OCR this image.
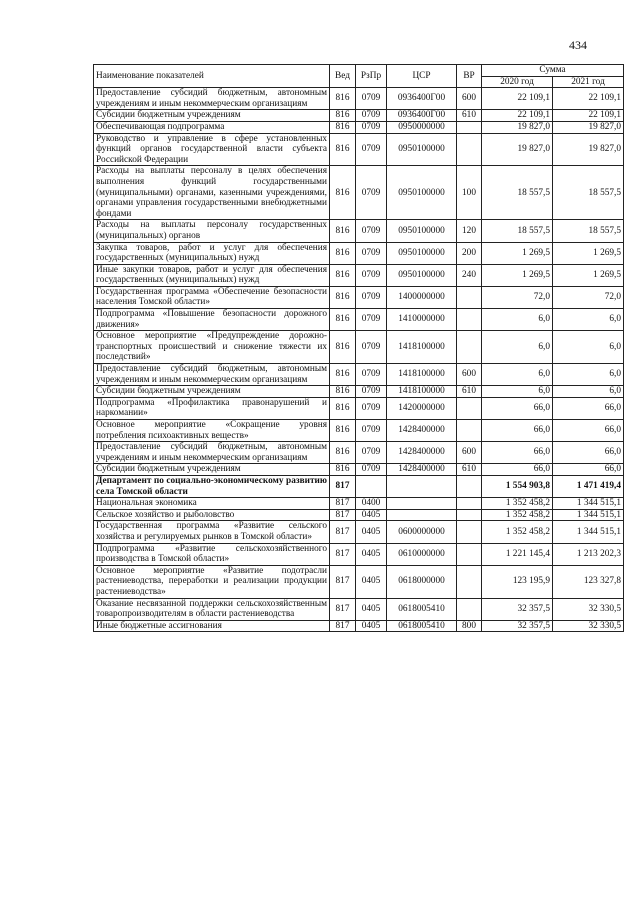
434
Наименование показателей	Вед	РзПр	ЦСР	ВР	Сумма	
					2020 год	2021 год
Предоставление субсидий бюджетным, автономным учреждениям и иным некоммерческим организациям	816	0709	0936400Г00	600	22 109,1	22 109,1
Субсидии бюджетным учреждениям	816	0709	0936400Г00	610	22 109,1	22 109,1
Обеспечивающая подпрограмма	816	0709	0950000000		19 827,0	19 827,0
Руководство и управление в сфере установленных функций органов государственной власти субъекта Российской Федерации	816	0709	0950100000		19 827,0	19 827,0
Расходы на выплаты персоналу в целях обеспечения выполнения функций государственными (муниципальными) органами, казенными учреждениями, органами управления государственными внебюджетными фондами	816	0709	0950100000	100	18 557,5	18 557,5
Расходы на выплаты персоналу государственных (муниципальных) органов	816	0709	0950100000	120	18 557,5	18 557,5
Закупка товаров, работ и услуг для обеспечения государственных (муниципальных) нужд	816	0709	0950100000	200	1 269,5	1 269,5
Иные закупки товаров, работ и услуг для обеспечения государственных (муниципальных) нужд	816	0709	0950100000	240	1 269,5	1 269,5
Государственная программа «Обеспечение безопасности населения Томской области»	816	0709	1400000000		72,0	72,0
Подпрограмма «Повышение безопасности дорожного движения»	816	0709	1410000000		6,0	6,0
Основное мероприятие «Предупреждение дорожно-транспортных происшествий и снижение тяжести их последствий»	816	0709	1418100000		6,0	6,0
Предоставление субсидий бюджетным, автономным учреждениям и иным некоммерческим организациям	816	0709	1418100000	600	6,0	6,0
Субсидии бюджетным учреждениям	816	0709	1418100000	610	6,0	6,0
Подпрограмма «Профилактика правонарушений и наркомании»	816	0709	1420000000		66,0	66,0
Основное мероприятие «Сокращение уровня потребления психоактивных веществ»	816	0709	1428400000		66,0	66,0
Предоставление субсидий бюджетным, автономным учреждениям и иным некоммерческим организациям	816	0709	1428400000	600	66,0	66,0
Субсидии бюджетным учреждениям	816	0709	1428400000	610	66,0	66,0
Департамент по социально-экономическому развитию села Томской области	817				1 554 903,8	1 471 419,4
Национальная экономика	817	0400			1 352 458,2	1 344 515,1
Сельское хозяйство и рыболовство	817	0405			1 352 458,2	1 344 515,1
Государственная программа «Развитие сельского хозяйства и регулируемых рынков в Томской области»	817	0405	0600000000		1 352 458,2	1 344 515,1
Подпрограмма «Развитие сельскохозяйственного производства в Томской области»	817	0405	0610000000		1 221 145,4	1 213 202,3
Основное мероприятие «Развитие подотрасли растениеводства, переработки и реализации продукции растениеводства»	817	0405	0618000000		123 195,9	123 327,8
Оказание несвязанной поддержки сельскохозяйственным товаропроизводителям в области растениеводства	817	0405	0618005410		32 357,5	32 330,5
Иные бюджетные ассигнования	817	0405	0618005410	800	32 357,5	32 330,5
